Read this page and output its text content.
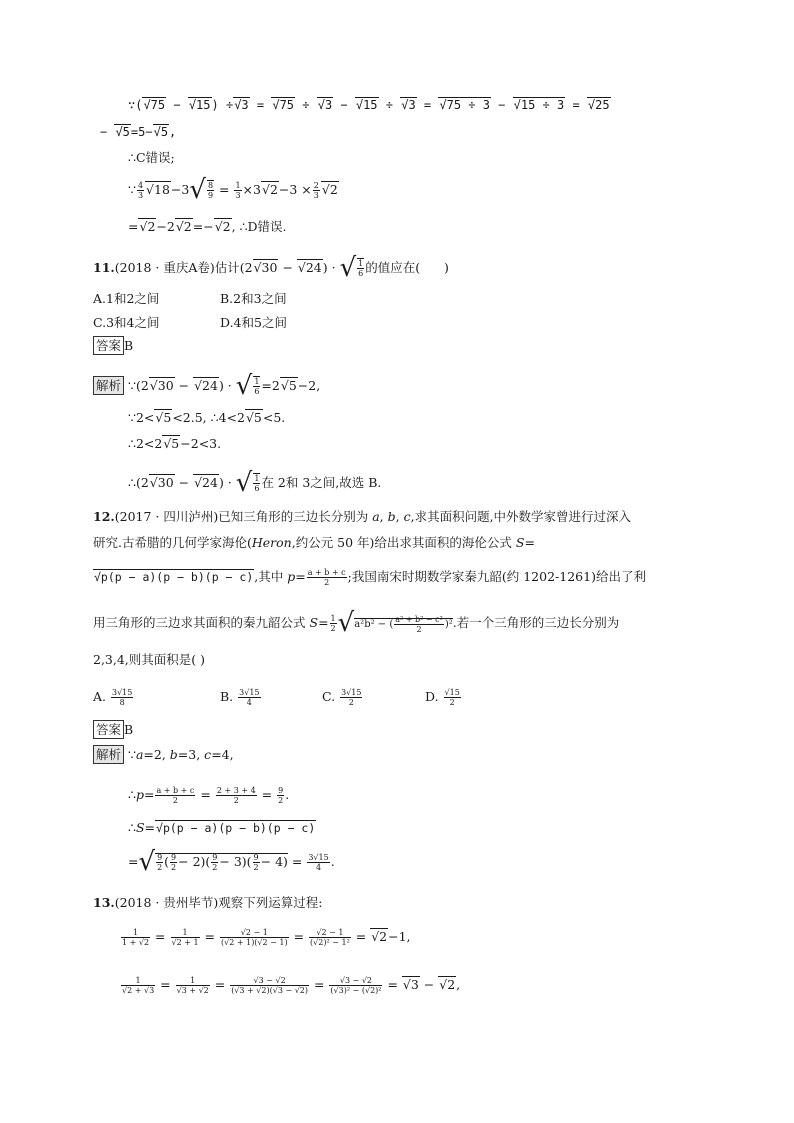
∵(√75 − √15) ÷√3 = √75 ÷ √3 − √15 ÷ √3 = √75 ÷ 3 − √15 ÷ 3 = √25
− √5=5−√5,
∴C错误;
∵ $\frac{4}{3} √18-3√ \frac{8}{9} = \frac{1}{3} \times 3√2-3 \times \frac{2}{3} √2$
=√2−2√2=−√2, ∴D错误.
11.(2018 · 重庆A卷)估计(2√30 − √24) · √ $\frac{1}{6}$ 的值应在(      )
A.1和2之间	B.2和3之间
C.3和4之间	D.4和5之间
答案 B
解析 ∵(2√30 − √24) · √ $\frac{1}{6} =2√5-2$,
∵2<√5<2.5, ∴4<2√5<5.
∴2<2√5−2<3.
∴(2√30 − √24) · √ $\frac{1}{6}$ 在 2和 3之间,故选 B.
12.(2017 · 四川泸州)已知三角形的三边长分别为 a, b, c,求其面积问题,中外数学家曾进行过深入
研究.古希腊的几何学家海伦(Heron,约公元 50 年)给出求其面积的海伦公式 S=
√p(p − a)(p − b)(p − c),其中 $p= \frac{a + b + c}{2}$ ;我国南宋时期数学家秦九韶(约 1202-1261)给出了利
用三角形的三边求其面积的秦九韶公式 $S= \frac{1}{2} √a^2b^2$ − ( $\frac{\text{a² + b² − c²}}{2} )^2$.若一个三角形的三边长分别为
2,3,4,则其面积是( )
A. $\frac{3√15}{8}$	B. $\frac{3√15}{4}$	C. $\frac{3√15}{2}$	D. $\frac{√15}{2}$
答案 B
解析 ∵a=2, b=3, c=4,
∴p= $\frac{a + b + c}{2} = \frac{2 + 3 + 4}{2} = \frac{9}{2}$ .
∴S=√p(p − a)(p − b)(p − c)
=√ $\frac{9}{2}$ ( $\frac{9}{2} - 2)( \frac{9}{2} - 3)( \frac{9}{2} - 4) = \frac{3√15}{4}$ .
13.(2018 · 贵州毕节)观察下列运算过程:
$\frac{1}{1 + √2} = \frac{1}{√2 + 1} = \frac{√2 - 1}{(√2 + 1)(√2 - 1)} = \frac{√2 - 1}{\text{(√2)² − 1²}} = √2-1$,
$\frac{1}{√2 + √3} = \frac{1}{√3 + √2} = \frac{√3 - √2}{(√3 + √2)(√3 - √2)} = \frac{√3 - √2}{\text{(√3)² − (√2)²}} = √3 - √2$,
